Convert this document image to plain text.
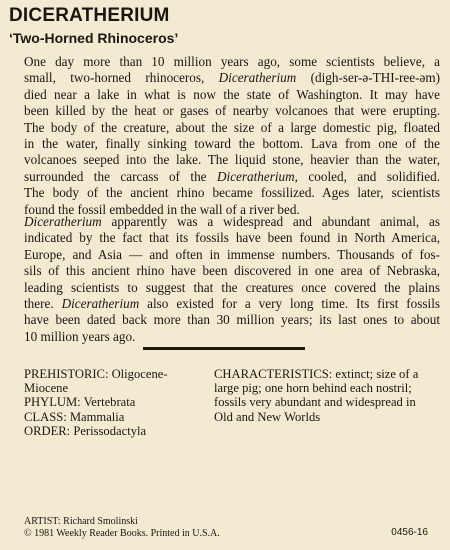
DICERATHERIUM
‘Two-Horned Rhinoceros’
One day more than 10 million years ago, some scientists believe, a
small, two-horned rhinoceros, Diceratherium (digh-ser-ə-THI-ree-əm)
died near a lake in what is now the state of Washington. It may have
been killed by the heat or gases of nearby volcanoes that were erupting.
The body of the creature, about the size of a large domestic pig, floated
in the water, finally sinking toward the bottom. Lava from one of the
volcanoes seeped into the lake. The liquid stone, heavier than the water,
surrounded the carcass of the Diceratherium, cooled, and solidified.
The body of the ancient rhino became fossilized. Ages later, scientists
found the fossil embedded in the wall of a river bed.
Diceratherium apparently was a widespread and abundant animal, as
indicated by the fact that its fossils have been found in North America,
Europe, and Asia — and often in immense numbers. Thousands of fos-
sils of this ancient rhino have been discovered in one area of Nebraska,
leading scientists to suggest that the creatures once covered the plains
there. Diceratherium also existed for a very long time. Its first fossils
have been dated back more than 30 million years; its last ones to about
10 million years ago.
PREHISTORIC: Oligocene-
Miocene
PHYLUM: Vertebrata
CLASS: Mammalia
ORDER: Perissodactyla
CHARACTERISTICS: extinct; size of a
large pig; one horn behind each nostril;
fossils very abundant and widespread in
Old and New Worlds
ARTIST: Richard Smolinski
© 1981 Weekly Reader Books. Printed in U.S.A.	0456-16
